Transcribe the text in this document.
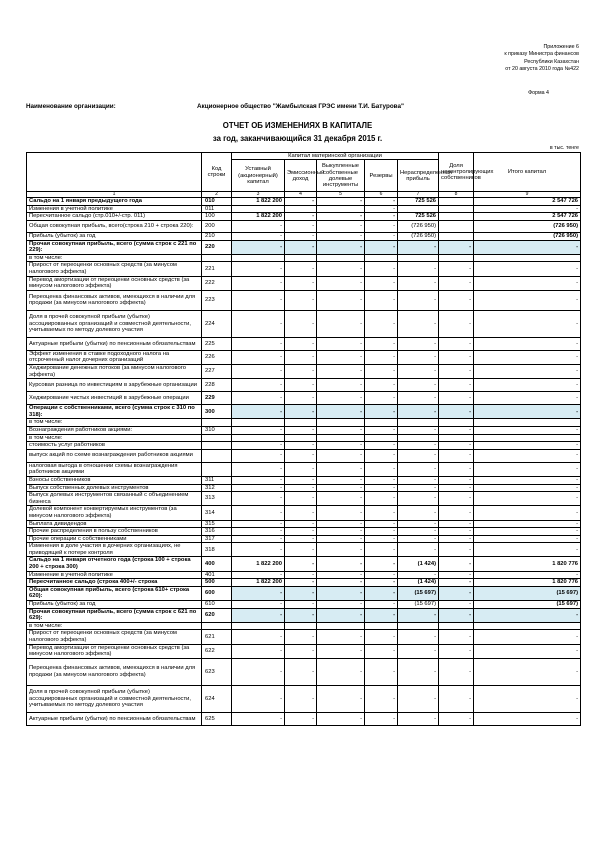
Приложение 6
к приказу Министра финансов
Республики Казахстан
от 20 августа 2010 года №422
Форма 4
Наименование организации:	Акционерное общество "Жамбылская ГРЭС имени Т.И. Батурова"
ОТЧЕТ ОБ ИЗМЕНЕНИЯХ В КАПИТАЛЕ
за год, заканчивающийся 31 декабря 2015 г.
в тыс. тенге
	Код строки	Капитал материнской организации					Доля неконтролирующих собственников	Итого капитал
		Уставный (акционерный) капитал	Эмиссионный доход	Выкупленные собственные долевые инструменты	Резервы	Нераспределенная прибыль		
1	2	3	4	5	6	7	8	9
Сальдо на 1 января предыдущего года	010	1 822 200	-	-	-	725 526		2 547 726
Изменения в учетной политике	011				-			-
Пересчитанное сальдо (стр.010+/-стр. 011)	100	1 822 200	-	-	-	725 526		2 547 726
Общая совокупная прибыль, всего(строка 210 + строка 220):	200	-	-	-	-	(726 950)		(726 950)
Прибыль (убыток) за год	210	-	-	-	-	(726 950)		(726 950)
Прочая совокупная прибыль, всего (сумма строк с 221 по 229):	220	-	-	-	-	-	-	-
в том числе:								
Прирост от переоценки основных средств (за минусом налогового эффекта)	221	-	-	-	-	-	-	-
Перевод амортизации от переоценки основных средств (за минусом налогового эффекта)	222	-	-	-	-	-	-	-
Переоценка финансовых активов, имеющихся в наличии для продажи (за минусом налогового эффекта)	223	-	-	-	-	-	-	-
Доля в прочей совокупной прибыли (убытке) ассоциированных организаций и совместной деятельности, учитываемых по методу долевого участия	224	-	-	-	-	-	-	-
Актуарные прибыли (убытки) по пенсионным обязательствам	225	-	-	-	-	-	-	-
Эффект изменения в ставке подоходного налога на отсроченный налог дочерних организаций	226	-	-	-	-	-	-	-
Хеджирование денежных потоков (за минусом налогового эффекта)	227	-	-	-	-	-	-	-
Курсовая разница по инвестициям в зарубежные организации	228	-	-	-	-	-	-	-
Хеджирование чистых инвестиций в зарубежные операции	229	-	-	-	-	-	-	-
Операции с собственниками, всего (сумма строк с 310 по 318):	300	-	-	-	-	-	-	-
в том числе:								
Вознаграждения работников акциями:	310	-	-	-	-	-	-	-
в том числе:								
стоимость услуг работников		-	-	-	-	-	-	-
выпуск акций по схеме вознаграждения работников акциями		-	-	-	-	-	-	-
налоговая выгода в отношении схемы вознаграждения работников акциями		-	-	-	-	-	-	-
Взносы собственников	311	-	-	-	-	-	-	-
Выпуск собственных долевых инструментов	312	-	-	-	-	-	-	-
Выпуск долевых инструментов связанный с объединением бизнеса	313	-	-	-	-	-	-	-
Долевой компонент конвертируемых инструментов (за минусом налогового эффекта)	314	-	-	-	-	-	-	-
Выплата дивидендов	315	-	-	-	-	-	-	-
Прочие распределения в пользу собственников	316	-	-	-	-	-	-	-
Прочие операции с собственниками	317	-	-	-	-	-	-	-
Изменения в доле участия в дочерних организациях, не приводящей к потере контроля	318	-	-	-	-	-	-	-
Сальдо на 1 января отчетного года (строка 100 + строка 200 + строка 300)	400	1 822 200	-	-	-	(1 424)	-	1 820 776
Изменение в учетной политике	401	-	-	-	-	-	-	-
Пересчитанное сальдо (строка 400+/- строка	500	1 822 200	-	-	-	(1 424)	-	1 820 776
Общая совокупная прибыль, всего (строка 610+ строка 620):	600	-	-	-	-	(15 697)	-	(15 697)
Прибыль (убыток) за год	610	-	-	-	-	(15 697)	-	(15 697)
Прочая совокупная прибыль, всего (сумма строк с 621 по 629):	620	-	-	-	-	-	-	-
в том числе:								
Прирост от переоценки основных средств (за минусом налогового эффекта)	621	-	-	-	-	-	-	-
Перевод амортизации от переоценки основных средств (за минусом налогового эффекта)	622	-	-	-	-	-	-	-
Переоценка финансовых активов, имеющихся в наличии для продажи (за минусом налогового эффекта)	623	-	-	-	-	-	-	-
Доля в прочей совокупной прибыли (убытке) ассоциированных организаций и совместной деятельности, учитываемых по методу долевого участия	624	-	-	-	-	-	-	-
Актуарные прибыли (убытки) по пенсионным обязательствам	625	-	-	-	-	-	-	-
